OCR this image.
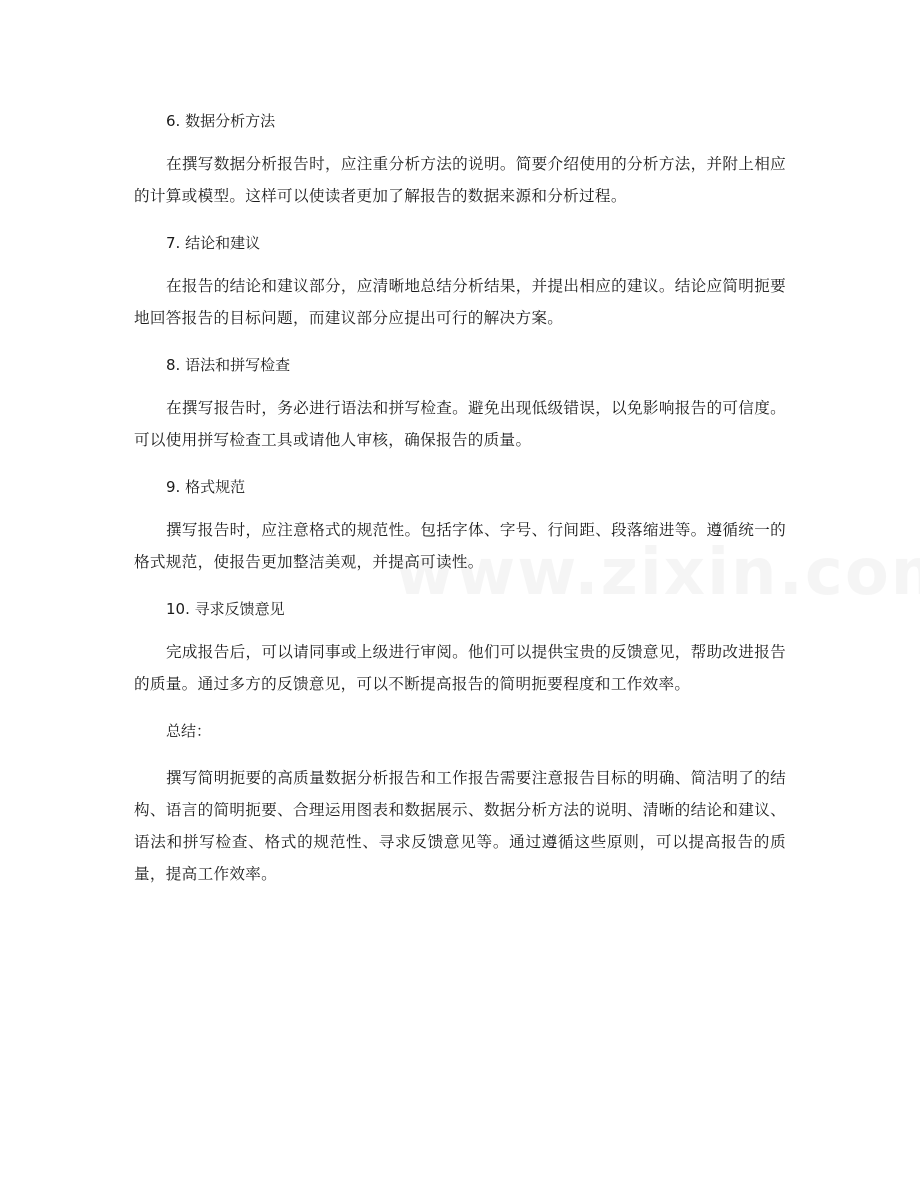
6. 数据分析方法

在撰写数据分析报告时，应注重分析方法的说明。简要介绍使用的分析方法，并附上相应的计算或模型。这样可以使读者更加了解报告的数据来源和分析过程。

7. 结论和建议

在报告的结论和建议部分，应清晰地总结分析结果，并提出相应的建议。结论应简明扼要地回答报告的目标问题，而建议部分应提出可行的解决方案。

8. 语法和拼写检查

在撰写报告时，务必进行语法和拼写检查。避免出现低级错误，以免影响报告的可信度。可以使用拼写检查工具或请他人审核，确保报告的质量。

9. 格式规范

撰写报告时，应注意格式的规范性。包括字体、字号、行间距、段落缩进等。遵循统一的格式规范，使报告更加整洁美观，并提高可读性。

10. 寻求反馈意见

完成报告后，可以请同事或上级进行审阅。他们可以提供宝贵的反馈意见，帮助改进报告的质量。通过多方的反馈意见，可以不断提高报告的简明扼要程度和工作效率。

总结：

撰写简明扼要的高质量数据分析报告和工作报告需要注意报告目标的明确、简洁明了的结构、语言的简明扼要、合理运用图表和数据展示、数据分析方法的说明、清晰的结论和建议、语法和拼写检查、格式的规范性、寻求反馈意见等。通过遵循这些原则，可以提高报告的质量，提高工作效率。
